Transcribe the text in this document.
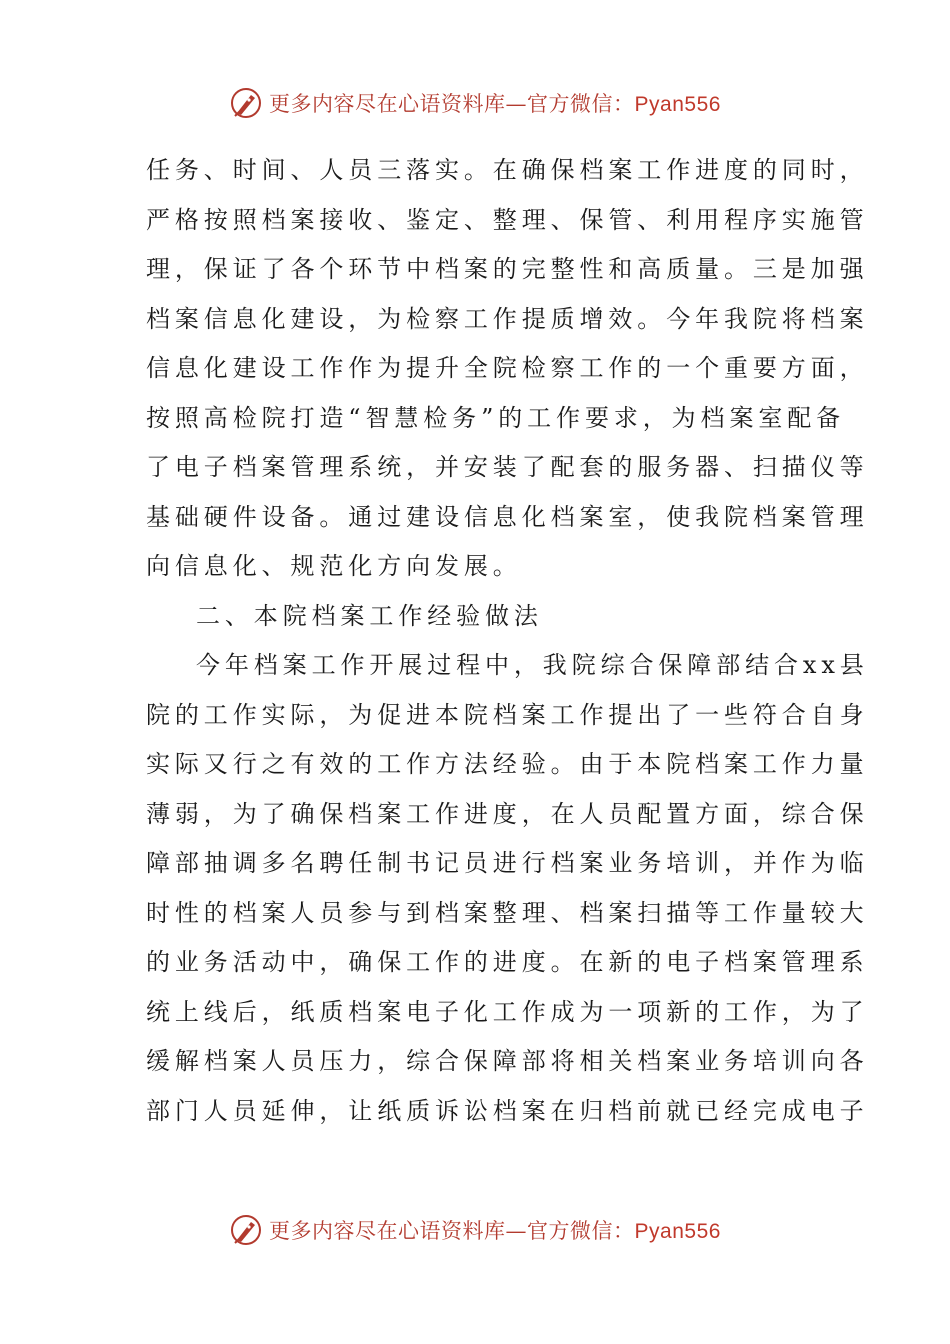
更多内容尽在心语资料库—官方微信：Pyan556
任务、时间、人员三落实。在确保档案工作进度的同时，
严格按照档案接收、鉴定、整理、保管、利用程序实施管
理，保证了各个环节中档案的完整性和高质量。三是加强
档案信息化建设，为检察工作提质增效。今年我院将档案
信息化建设工作作为提升全院检察工作的一个重要方面，
按照高检院打造“智慧检务”的工作要求，为档案室配备
了电子档案管理系统，并安装了配套的服务器、扫描仪等
基础硬件设备。通过建设信息化档案室，使我院档案管理
向信息化、规范化方向发展。
二、本院档案工作经验做法
今年档案工作开展过程中，我院综合保障部结合xx县
院的工作实际，为促进本院档案工作提出了一些符合自身
实际又行之有效的工作方法经验。由于本院档案工作力量
薄弱，为了确保档案工作进度，在人员配置方面，综合保
障部抽调多名聘任制书记员进行档案业务培训，并作为临
时性的档案人员参与到档案整理、档案扫描等工作量较大
的业务活动中，确保工作的进度。在新的电子档案管理系
统上线后，纸质档案电子化工作成为一项新的工作，为了
缓解档案人员压力，综合保障部将相关档案业务培训向各
部门人员延伸，让纸质诉讼档案在归档前就已经完成电子
更多内容尽在心语资料库—官方微信：Pyan556
